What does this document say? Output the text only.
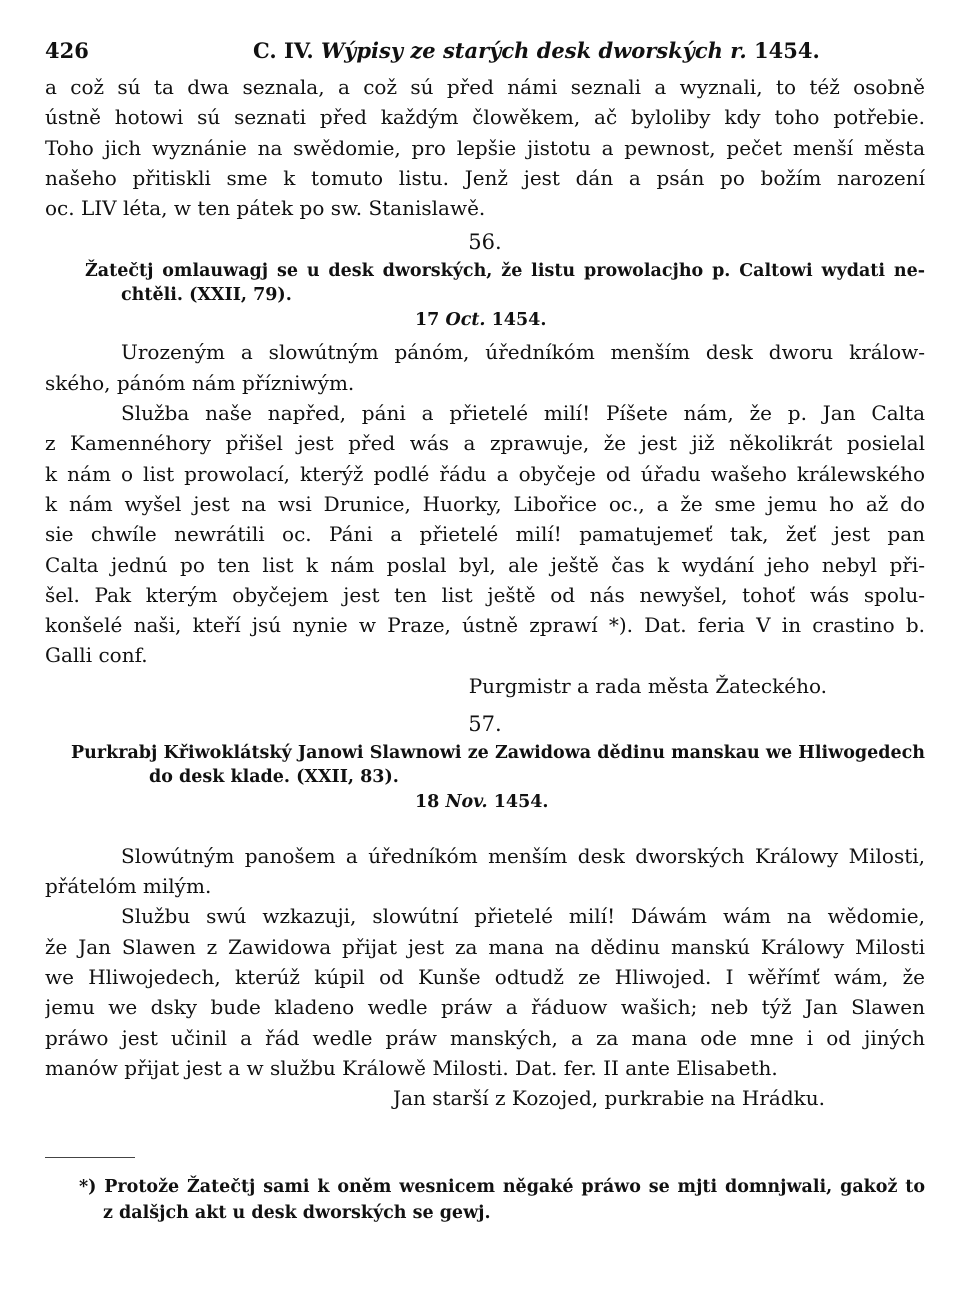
426	C. IV. Wýpisy ze starých desk dworských r. 1454.
a což sú ta dwa seznala, a což sú před námi seznali a wyznali, to též osobně
ústně hotowi sú seznati před každým člowěkem, ač byloliby kdy toho potřebie.
Toho jich wyznánie na swědomie, pro lepšie jistotu a pewnost, pečet menší města
našeho přitiskli sme k tomuto listu. Jenž jest dán a psán po božím narození
oc. LIV léta, w ten pátek po sw. Stanislawě.
56.
Žatečtj omlauwagj se u desk dworských, že listu prowolacjho p. Caltowi wydati ne-
chtěli. (XXII, 79).
17 Oct. 1454.
Urozeným a slowútným pánóm, úředníkóm menším desk dworu králow-
ského, pánóm nám přízniwým.
Služba naše napřed, páni a přietelé milí! Píšete nám, že p. Jan Calta
z Kamennéhory přišel jest před wás a zprawuje, že jest již několikrát posielal
k nám o list prowolací, kterýž podlé řádu a obyčeje od úřadu wašeho králewského
k nám wyšel jest na wsi Drunice, Huorky, Libořice oc., a že sme jemu ho až do
sie chwíle newrátili oc. Páni a přietelé milí! pamatujemeť tak, žeť jest pan
Calta jednú po ten list k nám poslal byl, ale ještě čas k wydání jeho nebyl při-
šel. Pak kterým obyčejem jest ten list ještě od nás newyšel, tohoť wás spolu-
konšelé naši, kteří jsú nynie w Praze, ústně zprawí *). Dat. feria V in crastino b.
Galli conf.
Purgmistr a rada města Žateckého.
57.
Purkrabj Křiwoklátský Janowi Slawnowi ze Zawidowa dědinu manskau we Hliwogedech
do desk klade. (XXII, 83).
18 Nov. 1454.
Slowútným panošem a úředníkóm menším desk dworských Králowy Milosti,
přátelóm milým.
Službu swú wzkazuji, slowútní přietelé milí! Dáwám wám na wědomie,
že Jan Slawen z Zawidowa přijat jest za mana na dědinu manskú Králowy Milosti
we Hliwojedech, kterúž kúpil od Kunše odtudž ze Hliwojed. I wěřímť wám, že
jemu we dsky bude kladeno wedle práw a řáduow wašich; neb týž Jan Slawen
práwo jest učinil a řád wedle práw manských, a za mana ode mne i od jiných
manów přijat jest a w službu Králowě Milosti. Dat. fer. II ante Elisabeth.
Jan starší z Kozojed, purkrabie na Hrádku.
*) Protože Žatečtj sami k oněm wesnicem něgaké práwo se mjti domnjwali, gakož to
z dalšjch akt u desk dworských se gewj.
